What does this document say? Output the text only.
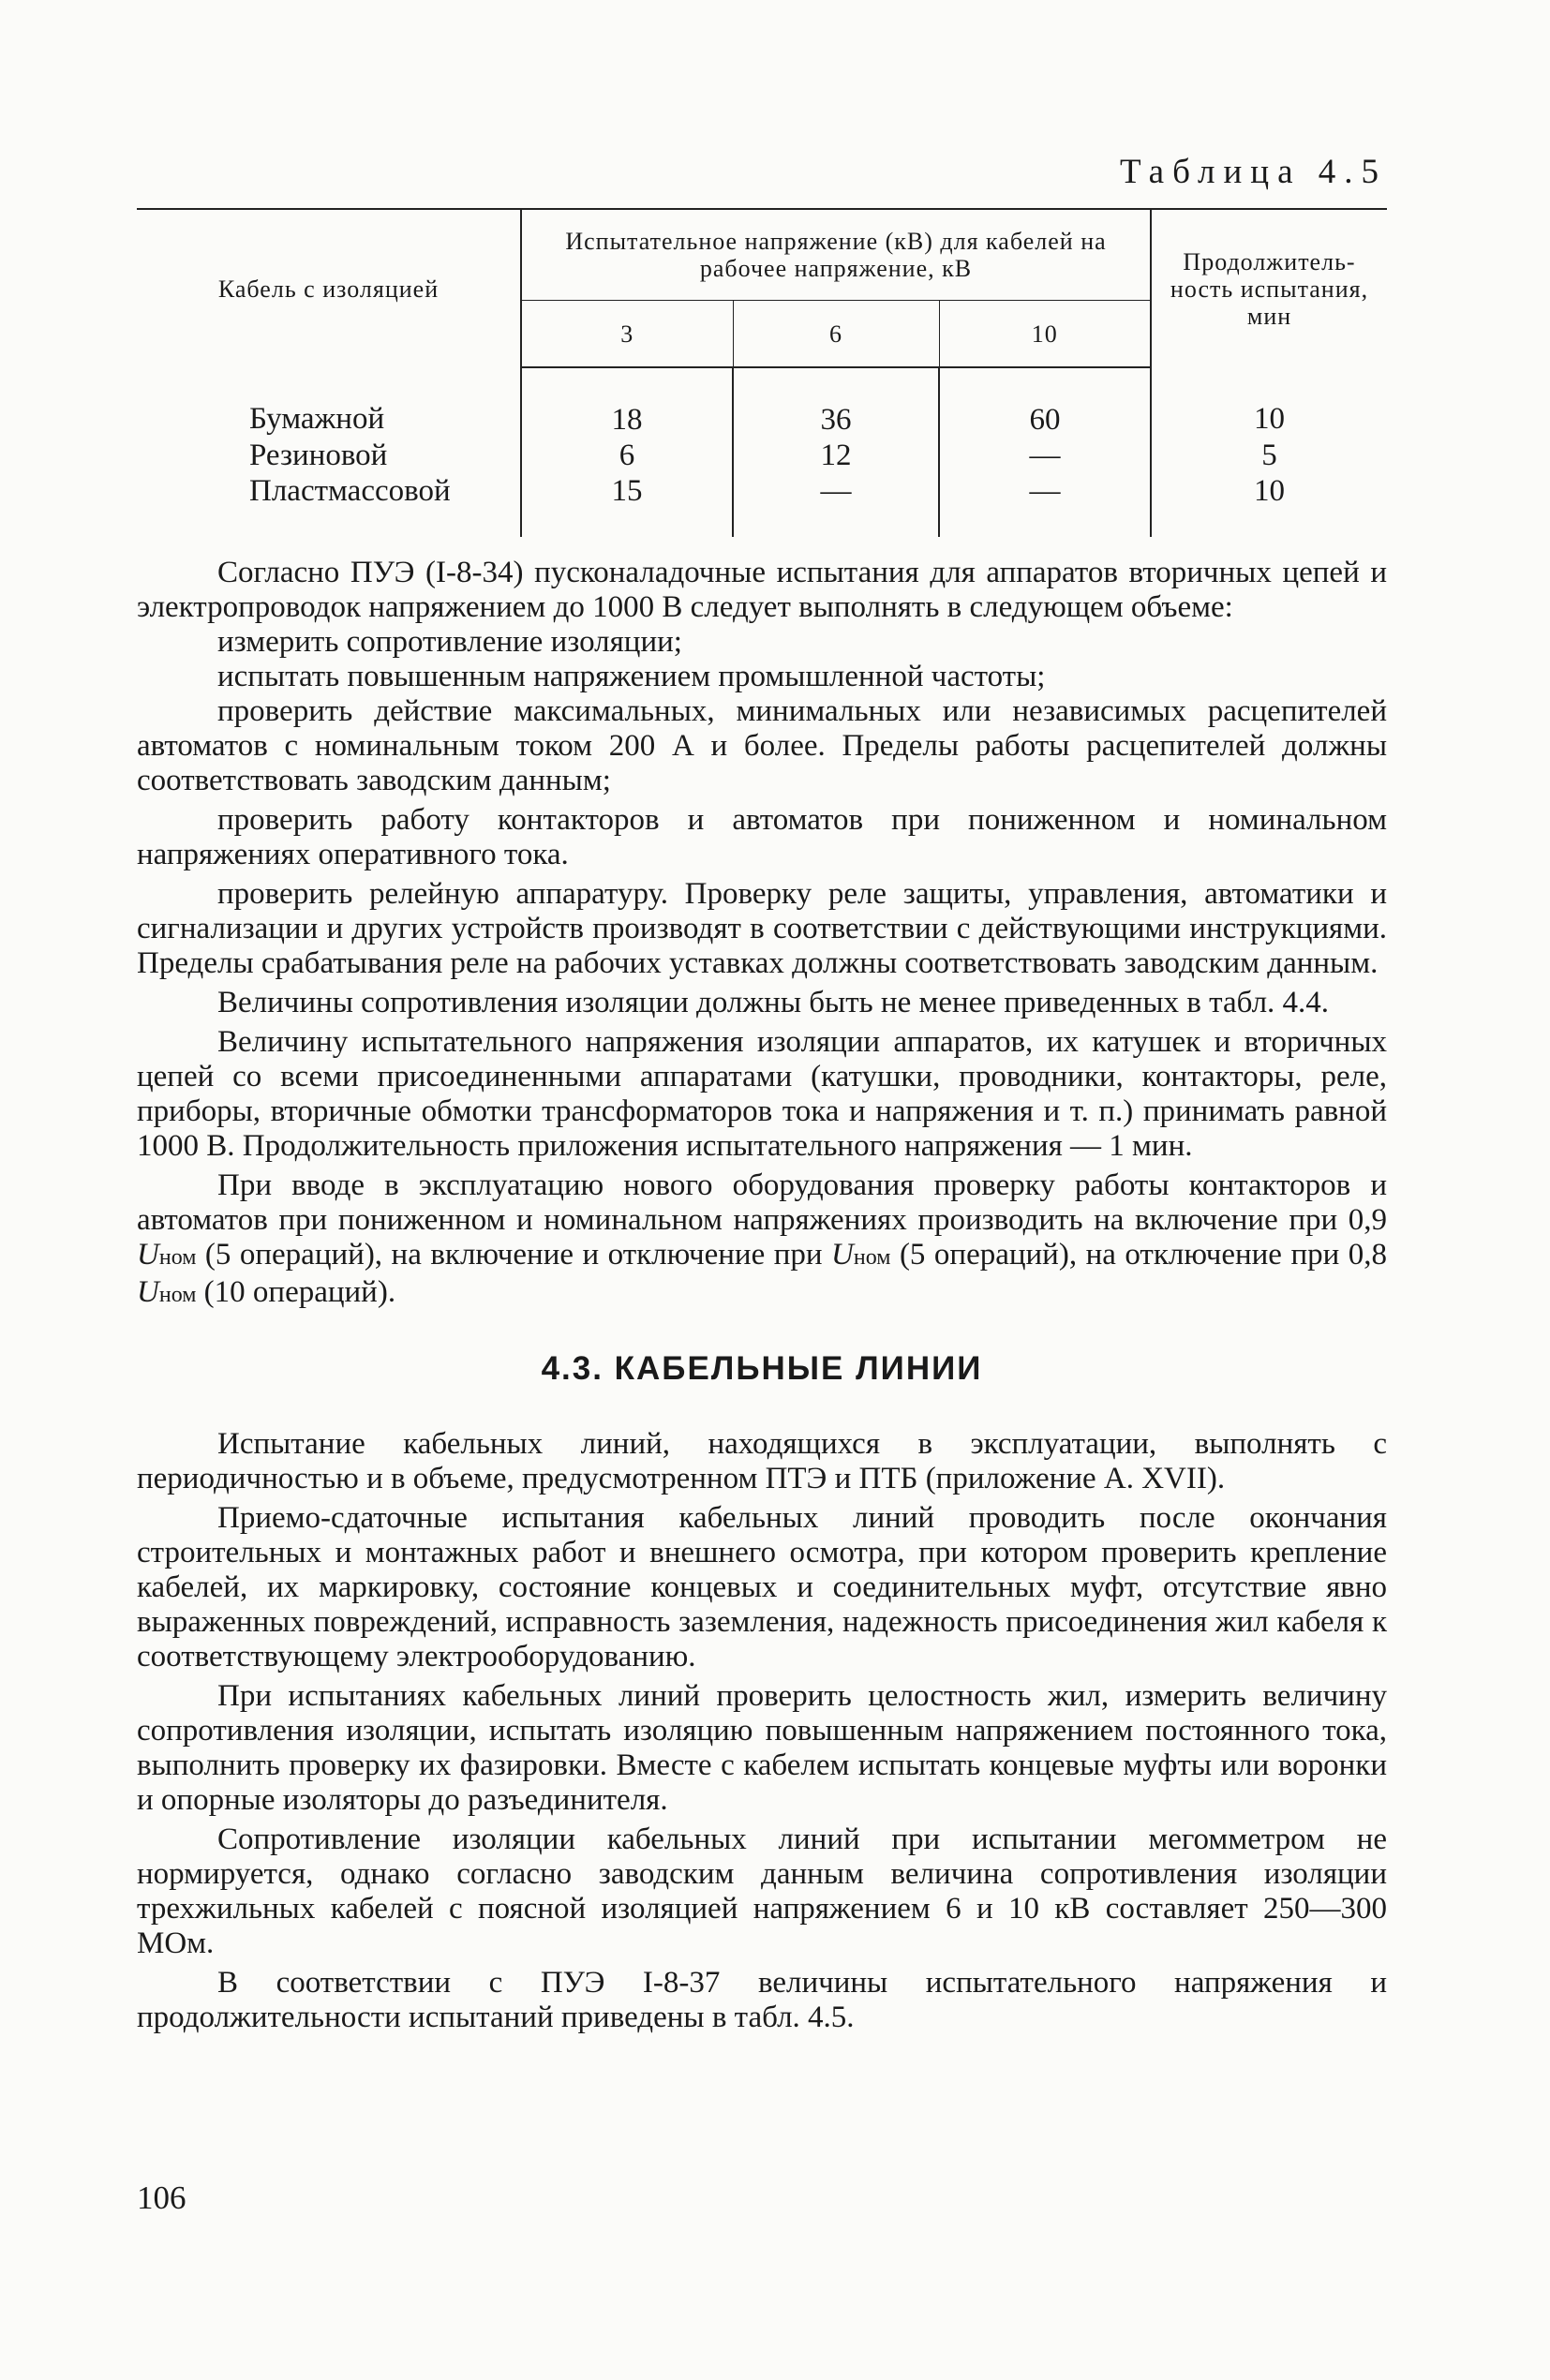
Таблица 4.5
Кабель с изоляцией	Испытательное напряжение (кВ) для кабелей на рабочее напряжение, кВ			Продолжитель- ность испытания, мин
	3	6	10	
Бумажной	18	36	60	10
Резиновой	6	12	—	5
Пластмассовой	15	—	—	10

Согласно ПУЭ (I-8-34) пусконаладочные испытания для аппаратов вторичных цепей и электропроводок напряжением до 1000 В следует выполнять в следующем объеме:

измерить сопротивление изоляции;

испытать повышенным напряжением промышленной частоты;

проверить действие максимальных, минимальных или независимых расцепителей автоматов с номинальным током 200 А и более. Пределы работы расцепителей должны соответствовать заводским данным;

проверить работу контакторов и автоматов при пониженном и номинальном напряжениях оперативного тока.

проверить релейную аппаратуру. Проверку реле защиты, управления, автоматики и сигнализации и других устройств производят в соответствии с действующими инструкциями. Пределы срабатывания реле на рабочих уставках должны соответствовать заводским данным.

Величины сопротивления изоляции должны быть не менее приведенных в табл. 4.4.

Величину испытательного напряжения изоляции аппаратов, их катушек и вторичных цепей со всеми присоединенными аппаратами (катушки, проводники, контакторы, реле, приборы, вторичные обмотки трансформаторов тока и напряжения и т. п.) принимать равной 1000 В. Продолжительность приложения испытательного напряжения — 1 мин.

При вводе в эксплуатацию нового оборудования проверку работы контакторов и автоматов при пониженном и номинальном напряжениях производить на включение при 0,9 Uном (5 операций), на включение и отключение при Uном (5 операций), на отключение при 0,8 Uном (10 операций).

4.3. КАБЕЛЬНЫЕ ЛИНИИ

Испытание кабельных линий, находящихся в эксплуатации, выполнять с периодичностью и в объеме, предусмотренном ПТЭ и ПТБ (приложение А. XVII).

Приемо-сдаточные испытания кабельных линий проводить после окончания строительных и монтажных работ и внешнего осмотра, при котором проверить крепление кабелей, их маркировку, состояние концевых и соединительных муфт, отсутствие явно выраженных повреждений, исправность заземления, надежность присоединения жил кабеля к соответствующему электрооборудованию.

При испытаниях кабельных линий проверить целостность жил, измерить величину сопротивления изоляции, испытать изоляцию повышенным напряжением постоянного тока, выполнить проверку их фазировки. Вместе с кабелем испытать концевые муфты или воронки и опорные изоляторы до разъединителя.

Сопротивление изоляции кабельных линий при испытании мегомметром не нормируется, однако согласно заводским данным величина сопротивления изоляции трехжильных кабелей с поясной изоляцией напряжением 6 и 10 кВ составляет 250—300 МОм.

В соответствии с ПУЭ I-8-37 величины испытательного напряжения и продолжительности испытаний приведены в табл. 4.5.

106
